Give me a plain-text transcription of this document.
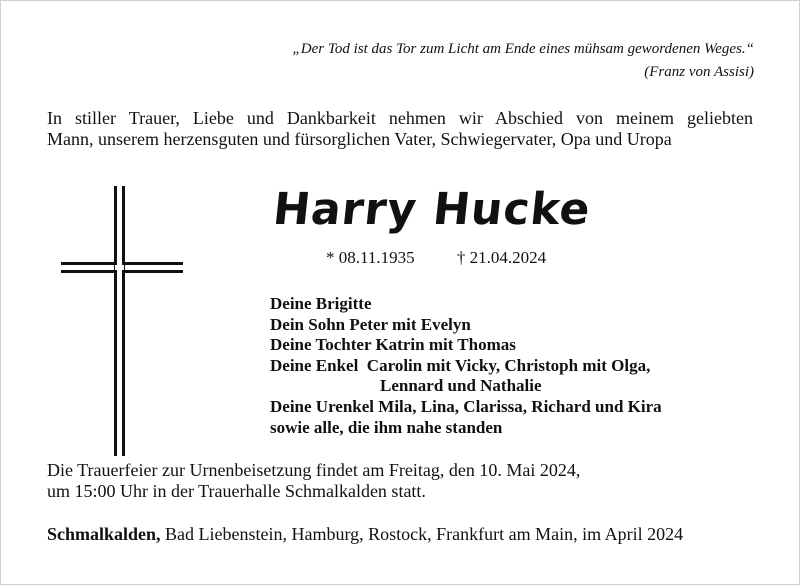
„Der Tod ist das Tor zum Licht am Ende eines mühsam gewordenen Weges.“
(Franz von Assisi)
In stiller Trauer, Liebe und Dankbarkeit nehmen wir Abschied von meinem geliebten
Mann, unserem herzensguten und fürsorglichen Vater, Schwiegervater, Opa und Uropa
Harry Hucke
* 08.11.1935 † 21.04.2024
Deine Brigitte
Dein Sohn Peter mit Evelyn
Deine Tochter Katrin mit Thomas
Deine Enkel  Carolin mit Vicky, Christoph mit Olga,
Lennard und Nathalie
Deine Urenkel Mila, Lina, Clarissa, Richard und Kira
sowie alle, die ihm nahe standen
Die Trauerfeier zur Urnenbeisetzung findet am Freitag, den 10. Mai 2024,
um 15:00 Uhr in der Trauerhalle Schmalkalden statt.
Schmalkalden, Bad Liebenstein, Hamburg, Rostock, Frankfurt am Main, im April 2024
